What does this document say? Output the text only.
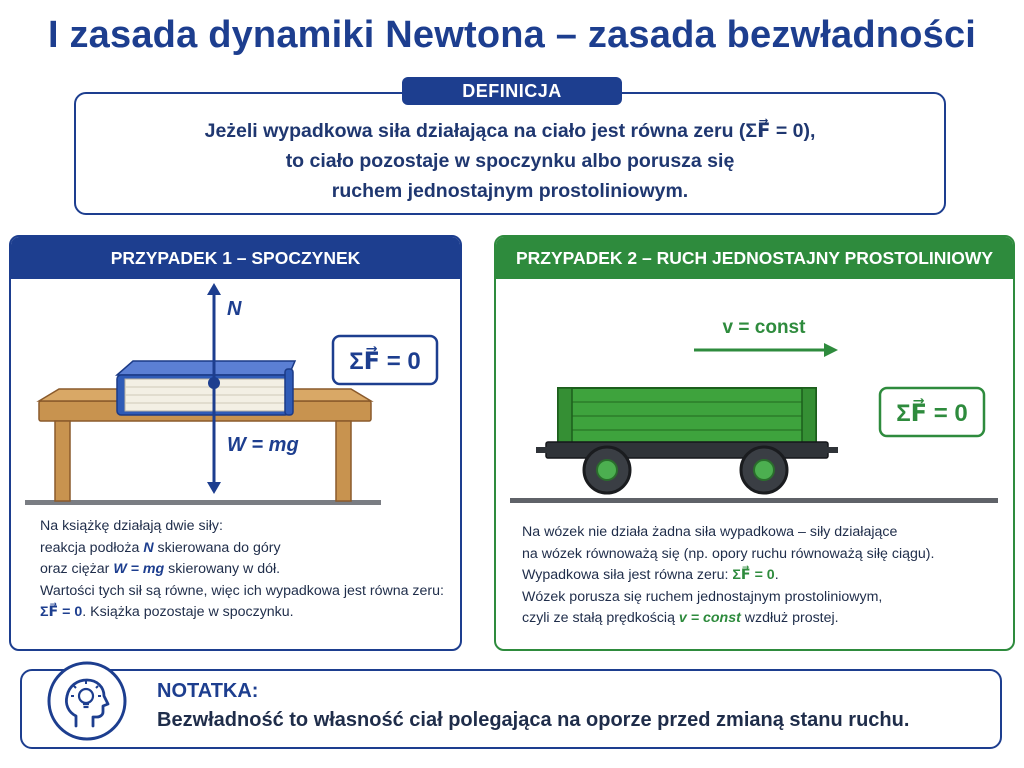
I zasada dynamiki Newtona – zasada bezwładności
DEFINICJA
Jeżeli wypadkowa siła działająca na ciało jest równa zeru (ΣF⃗ = 0),
to ciało pozostaje w spoczynku albo porusza się
ruchem jednostajnym prostoliniowym.
PRZYPADEK 1 – SPOCZYNEK
N
W = mg
ΣF⃗ = 0
Na książkę działają dwie siły:
reakcja podłoża N skierowana do góry
oraz ciężar W = mg skierowany w dół.
Wartości tych sił są równe, więc ich wypadkowa jest równa zeru:
ΣF⃗ = 0. Książka pozostaje w spoczynku.
PRZYPADEK 2 – RUCH JEDNOSTAJNY PROSTOLINIOWY
v = const
ΣF⃗ = 0
Na wózek nie działa żadna siła wypadkowa – siły działające
na wózek równoważą się (np. opory ruchu równoważą siłę ciągu).
Wypadkowa siła jest równa zeru: ΣF⃗ = 0.
Wózek porusza się ruchem jednostajnym prostoliniowym,
czyli ze stałą prędkością v = const wzdłuż prostej.
NOTATKA:
Bezwładność to własność ciał polegająca na oporze przed zmianą stanu ruchu.
